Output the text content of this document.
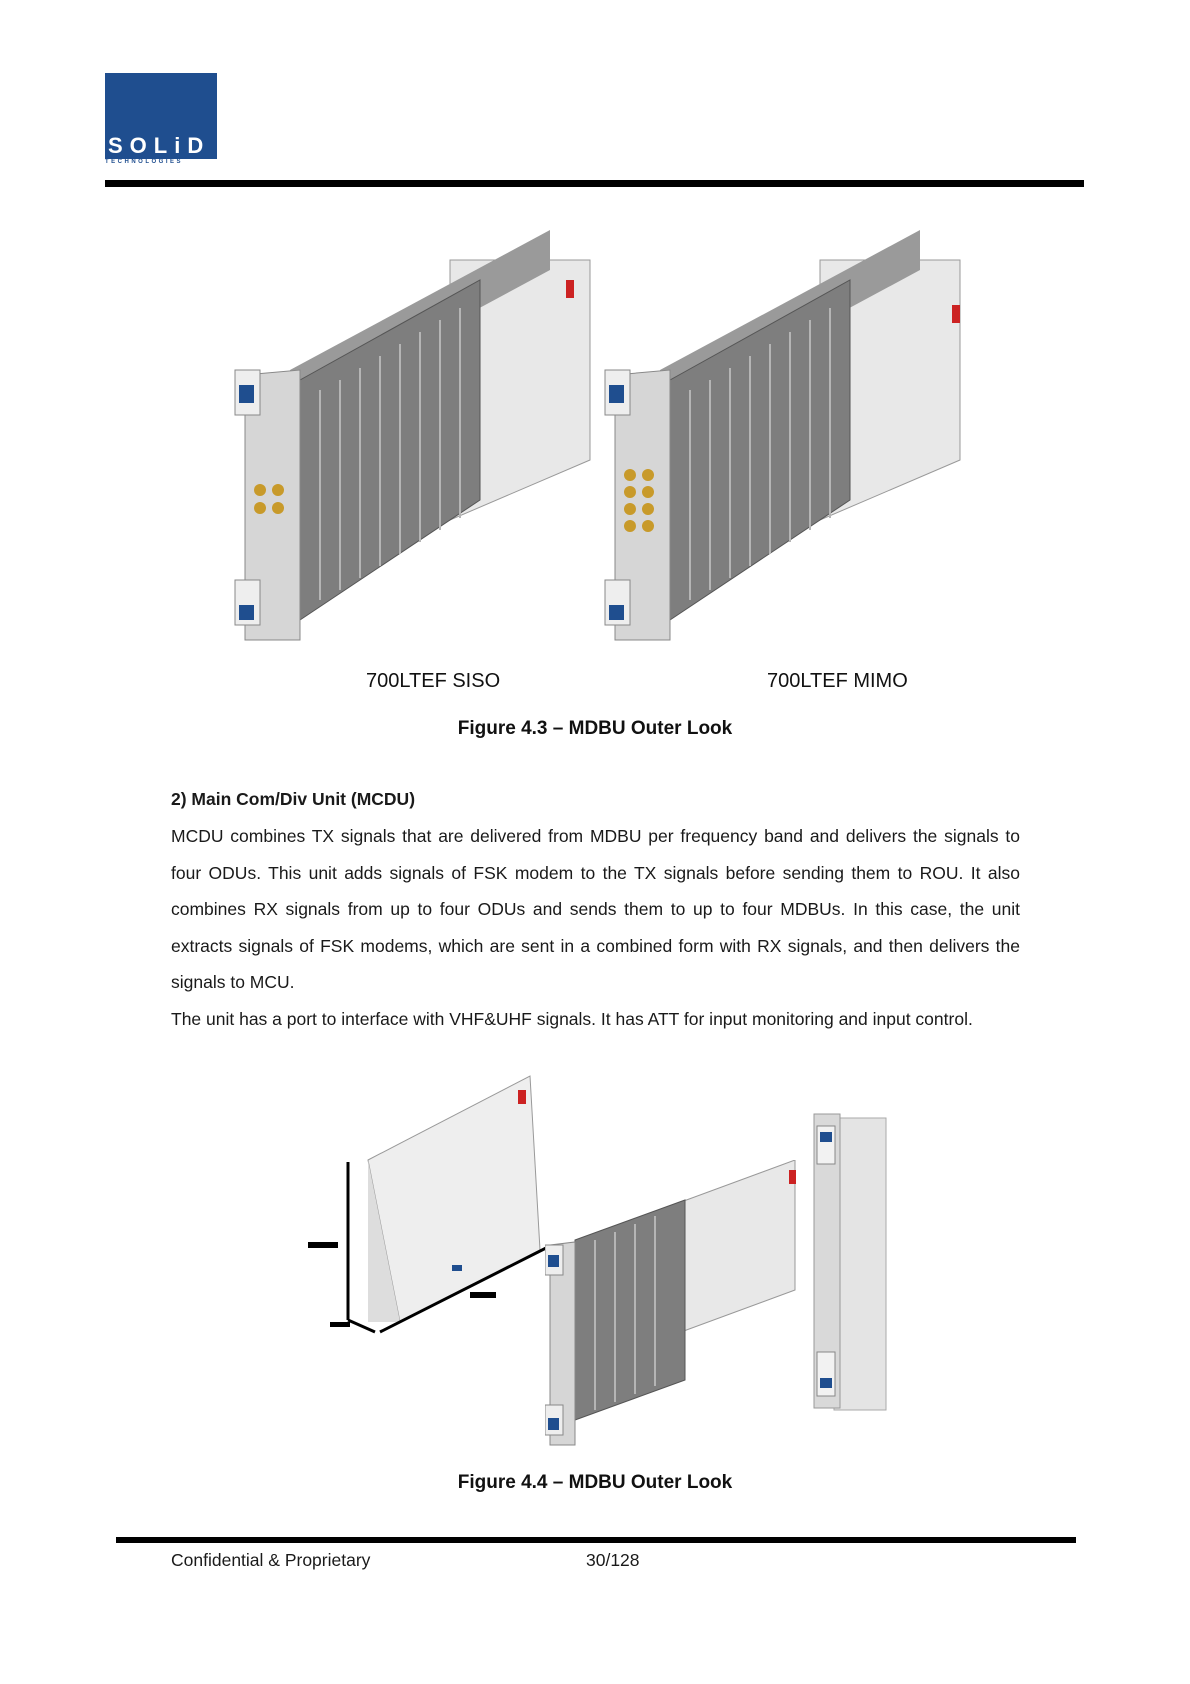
SOLiD
TECHNOLOGIES
700LTEF SISO	700LTEF MIMO
Figure 4.3 – MDBU Outer Look
2) Main Com/Div Unit (MCDU)
MCDU combines TX signals that are delivered from MDBU per frequency band and delivers the signals to four ODUs. This unit adds signals of FSK modem to the TX signals before sending them to ROU. It also combines RX signals from up to four ODUs and sends them to up to four MDBUs. In this case, the unit extracts signals of FSK modems, which are sent in a combined form with RX signals, and then delivers the signals to MCU.
The unit has a port to interface with VHF&UHF signals. It has ATT for input monitoring and input control.
Figure 4.4 – MDBU Outer Look
Confidential & Proprietary	30/128
